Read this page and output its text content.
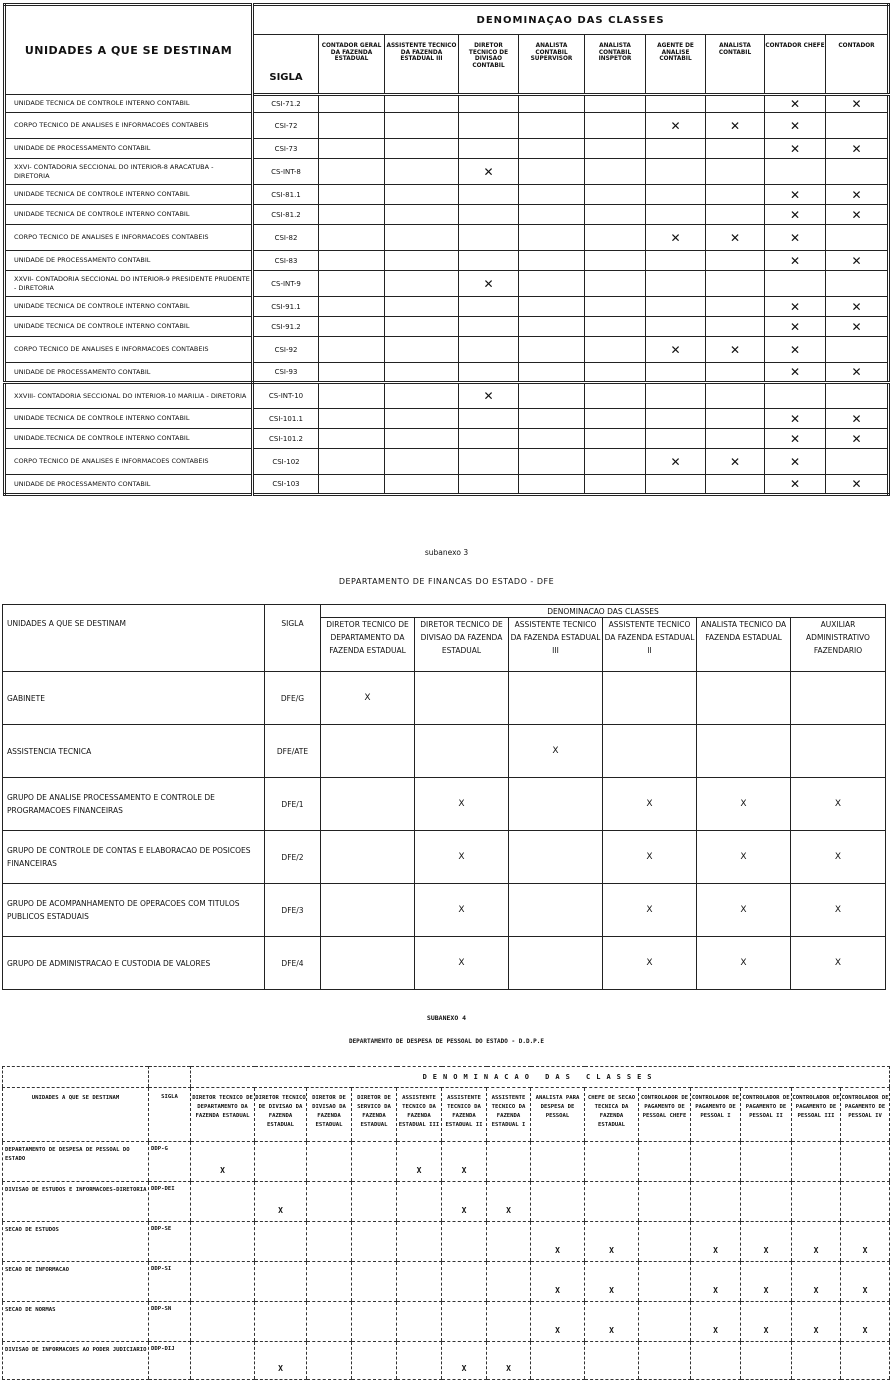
UNIDADES A QUE SE DESTINAM	DENOMINAÇAO DAS CLASSES									
	SIGLA	CONTADOR GERAL DA FAZENDA ESTADUAL	ASSISTENTE TECNICO DA FAZENDA ESTADUAL III	DIRETOR TECNICO DE DIVISAO CONTABIL	ANALISTA CONTABIL SUPERVISOR	ANALISTA CONTABIL INSPETOR	AGENTE DE ANALISE CONTABIL	ANALISTA CONTABIL	CONTADOR CHEFE	CONTADOR
UNIDADE TECNICA DE CONTROLE INTERNO CONTABIL	CSI-71.2								✕	✕
CORPO TECNICO DE ANALISES E INFORMACOES CONTABEIS	CSI-72						✕	✕	✕	
UNIDADE DE PROCESSAMENTO CONTABIL	CSI-73								✕	✕
XXVI- CONTADORIA SECCIONAL DO INTERIOR-8 ARACATUBA - DIRETORIA	CS-INT-8			✕						
UNIDADE TECNICA DE CONTROLE INTERNO CONTABIL	CSI-81.1								✕	✕
UNIDADE TECNICA DE CONTROLE INTERNO CONTABIL	CSI-81.2								✕	✕
CORPO TECNICO DE ANALISES E INFORMACOES CONTABEIS	CSI-82						✕	✕	✕	
UNIDADE DE PROCESSAMENTO CONTABIL	CSI-83								✕	✕
XXVII- CONTADORIA SECCIONAL DO INTERIOR-9 PRESIDENTE PRUDENTE - DIRETORIA	CS-INT-9			✕						
UNIDADE TECNICA DE CONTROLE INTERNO CONTABIL	CSI-91.1								✕	✕
UNIDADE TECNICA DE CONTROLE INTERNO CONTABIL	CSI-91.2								✕	✕
CORPO TECNICO DE ANALISES E INFORMACOES CONTABEIS	CSI-92						✕	✕	✕	
UNIDADE DE PROCESSAMENTO CONTABIL	CSI-93								✕	✕
XXVIII- CONTADORIA SECCIONAL DO INTERIOR-10 MARILIA - DIRETORIA	CS-INT-10			✕						
UNIDADE TECNICA DE CONTROLE INTERNO CONTABIL	CSI-101.1								✕	✕
UNIDADE.TECNICA DE CONTROLE INTERNO CONTABIL	CSI-101.2								✕	✕
CORPO TECNICO DE ANALISES E INFORMACOES CONTABEIS	CSI-102						✕	✕	✕	
UNIDADE DE PROCESSAMENTO CONTABIL	CSI-103								✕	✕
subanexo 3
DEPARTAMENTO DE FINANCAS DO ESTADO - DFE
UNIDADES A QUE SE DESTINAM	SIGLA	DENOMINACAO DAS CLASSES					
		DIRETOR TECNICO DE DEPARTAMENTO DA FAZENDA ESTADUAL	DIRETOR TECNICO DE DIVISAO DA FAZENDA ESTADUAL	ASSISTENTE TECNICO DA FAZENDA ESTADUAL III	ASSISTENTE TECNICO DA FAZENDA ESTADUAL II	ANALISTA TECNICO DA FAZENDA ESTADUAL	AUXILIAR ADMINISTRATIVO FAZENDARIO
GABINETE	DFE/G	X					
ASSISTENCIA TECNICA	DFE/ATE			X			
GRUPO DE ANALISE PROCESSAMENTO E CONTROLE DE PROGRAMACOES FINANCEIRAS	DFE/1		X		X	X	X
GRUPO DE CONTROLE DE CONTAS E ELABORACAO DE POSICOES FINANCEIRAS	DFE/2		X		X	X	X
GRUPO DE ACOMPANHAMENTO DE OPERACOES COM TITULOS PUBLICOS ESTADUAIS	DFE/3		X		X	X	X
GRUPO DE ADMINISTRACAO E CUSTODIA DE VALORES	DFE/4		X		X	X	X
SUBANEXO 4
DEPARTAMENTO DE DESPESA DE PESSOAL DO ESTADO - D.D.P.E
		DENOMINACAO DAS CLASSES													
UNIDADES A QUE SE DESTINAM	SIGLA	DIRETOR TECNICO DE DEPARTAMENTO DA FAZENDA ESTADUAL	DIRETOR TECNICO DE DIVISAO DA FAZENDA ESTADUAL	DIRETOR DE DIVISAO DA FAZENDA ESTADUAL	DIRETOR DE SERVICO DA FAZENDA ESTADUAL	ASSISTENTE TECNICO DA FAZENDA ESTADUAL III	ASSISTENTE TECNICO DA FAZENDA ESTADUAL II	ASSISTENTE TECNICO DA FAZENDA ESTADUAL I	ANALISTA PARA DESPESA DE PESSOAL	CHEFE DE SECAO TECNICA DA FAZENDA ESTADUAL	CONTROLADOR DE PAGAMENTO DE PESSOAL CHEFE	CONTROLADOR DE PAGAMENTO DE PESSOAL I	CONTROLADOR DE PAGAMENTO DE PESSOAL II	CONTROLADOR DE PAGAMENTO DE PESSOAL III	CONTROLADOR DE PAGAMENTO DE PESSOAL IV
DEPARTAMENTO DE DESPESA DE PESSOAL DO ESTADO	DDP-G	X				X	X								
DIVISAO DE ESTUDOS E INFORMACOES-DIRETORIA	DDP-DEI		X				X	X							
SECAO DE ESTUDOS	DDP-SE								X	X		X	X	X	X
SECAO DE INFORMACAO	DDP-SI								X	X		X	X	X	X
SECAO DE NORMAS	DDP-SN								X	X		X	X	X	X
DIVISAO DE INFORMACOES AO PODER JUDICIARIO	DDP-DIJ		X				X	X							
